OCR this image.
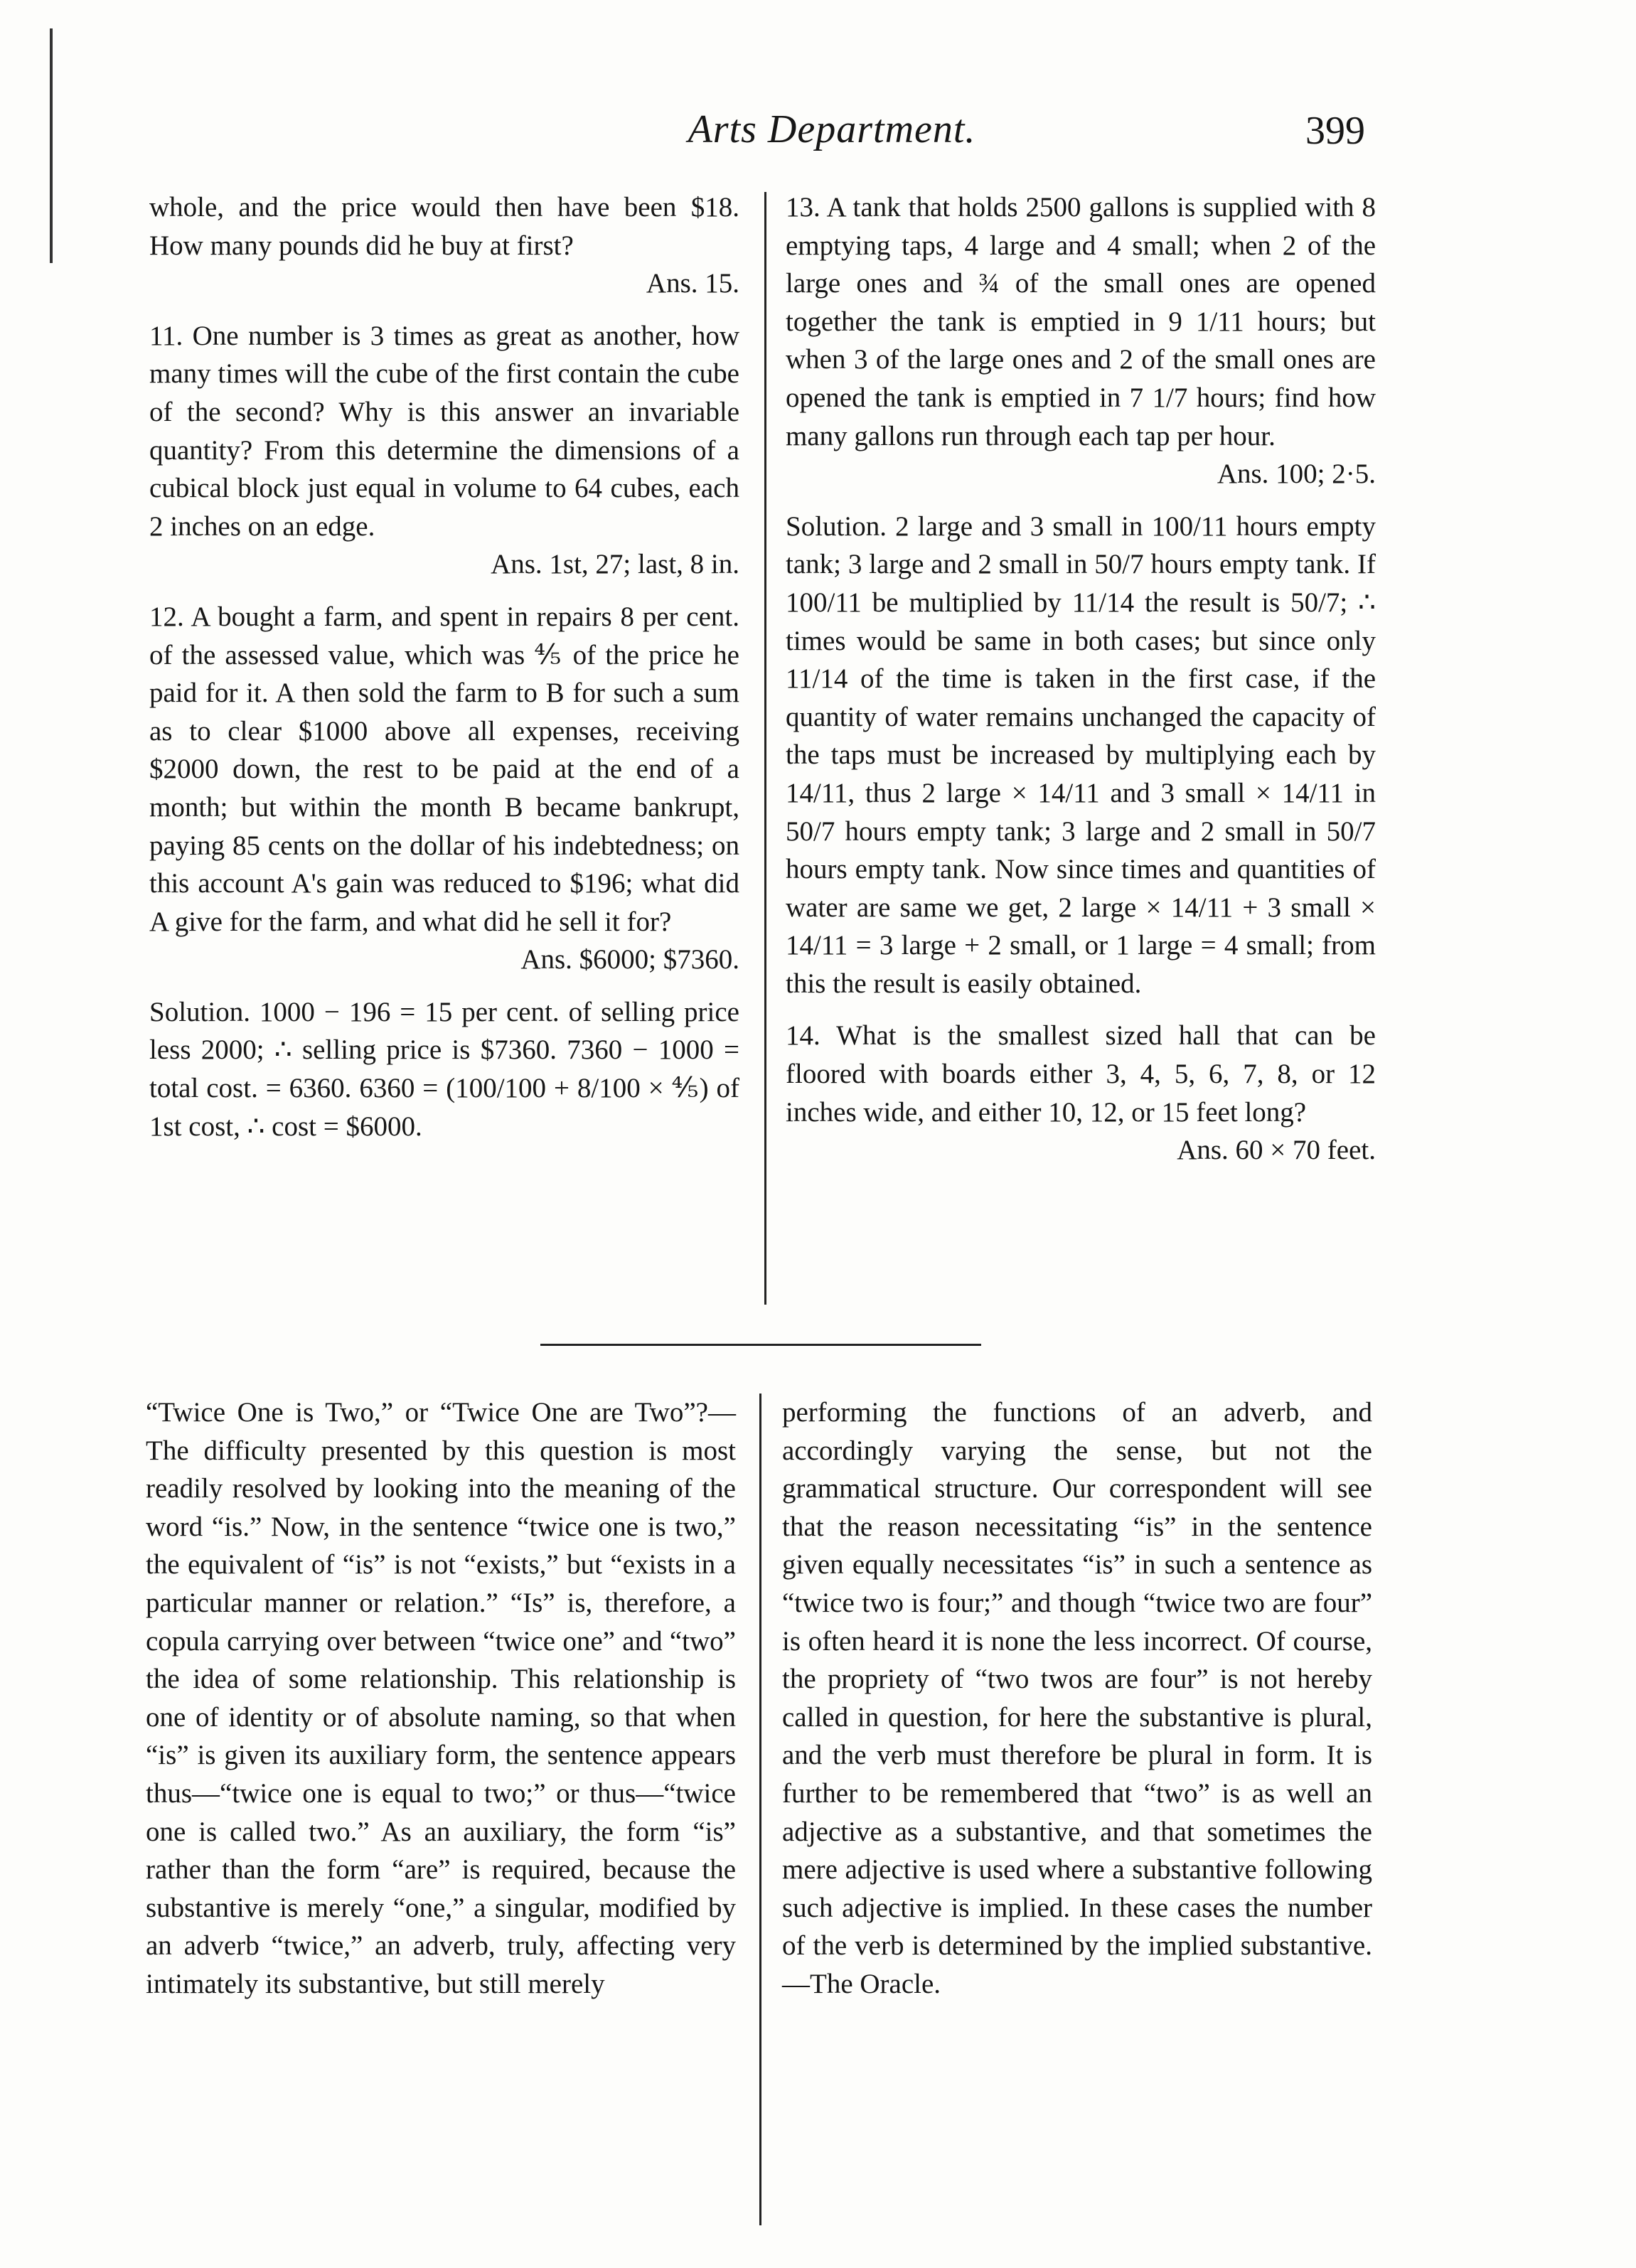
Arts Department.	399

whole, and the price would then have been $18. How many pounds did he buy at first?

Ans. 15.

11. One number is 3 times as great as another, how many times will the cube of the first contain the cube of the second? Why is this answer an invariable quantity? From this determine the dimensions of a cubical block just equal in volume to 64 cubes, each 2 inches on an edge.

Ans. 1st, 27; last, 8 in.

12. A bought a farm, and spent in repairs 8 per cent. of the assessed value, which was ⅘ of the price he paid for it. A then sold the farm to B for such a sum as to clear $1000 above all expenses, receiving $2000 down, the rest to be paid at the end of a month; but within the month B became bankrupt, paying 85 cents on the dollar of his indebtedness; on this account A's gain was reduced to $196; what did A give for the farm, and what did he sell it for?

Ans. $6000; $7360.

Solution. 1000 − 196 = 15 per cent. of selling price less 2000; ∴ selling price is $7360. 7360 − 1000 = total cost. = 6360. 6360 = (100/100 + 8/100 × ⅘) of 1st cost, ∴ cost = $6000.

13. A tank that holds 2500 gallons is supplied with 8 emptying taps, 4 large and 4 small; when 2 of the large ones and ¾ of the small ones are opened together the tank is emptied in 9 1/11 hours; but when 3 of the large ones and 2 of the small ones are opened the tank is emptied in 7 1/7 hours; find how many gallons run through each tap per hour.

Ans. 100; 2·5.

Solution. 2 large and 3 small in 100/11 hours empty tank; 3 large and 2 small in 50/7 hours empty tank. If 100/11 be multiplied by 11/14 the result is 50/7; ∴ times would be same in both cases; but since only 11/14 of the time is taken in the first case, if the quantity of water remains unchanged the capacity of the taps must be increased by multiplying each by 14/11, thus 2 large × 14/11 and 3 small × 14/11 in 50/7 hours empty tank; 3 large and 2 small in 50/7 hours empty tank. Now since times and quantities of water are same we get, 2 large × 14/11 + 3 small × 14/11 = 3 large + 2 small, or 1 large = 4 small; from this the result is easily obtained.

14. What is the smallest sized hall that can be floored with boards either 3, 4, 5, 6, 7, 8, or 12 inches wide, and either 10, 12, or 15 feet long?

Ans. 60 × 70 feet.

“Twice One is Two,” or “Twice One are Two”?—The difficulty presented by this question is most readily resolved by looking into the meaning of the word “is.” Now, in the sentence “twice one is two,” the equivalent of “is” is not “exists,” but “exists in a particular manner or relation.” “Is” is, therefore, a copula carrying over between “twice one” and “two” the idea of some relationship. This relationship is one of identity or of absolute naming, so that when “is” is given its auxiliary form, the sentence appears thus—“twice one is equal to two;” or thus—“twice one is called two.” As an auxiliary, the form “is” rather than the form “are” is required, because the substantive is merely “one,” a singular, modified by an adverb “twice,” an adverb, truly, affecting very intimately its substantive, but still merely

performing the functions of an adverb, and accordingly varying the sense, but not the grammatical structure. Our correspondent will see that the reason necessitating “is” in the sentence given equally necessitates “is” in such a sentence as “twice two is four;” and though “twice two are four” is often heard it is none the less incorrect. Of course, the propriety of “two twos are four” is not hereby called in question, for here the substantive is plural, and the verb must therefore be plural in form. It is further to be remembered that “two” is as well an adjective as a substantive, and that sometimes the mere adjective is used where a substantive following such adjective is implied. In these cases the number of the verb is determined by the implied substantive.—The Oracle.
